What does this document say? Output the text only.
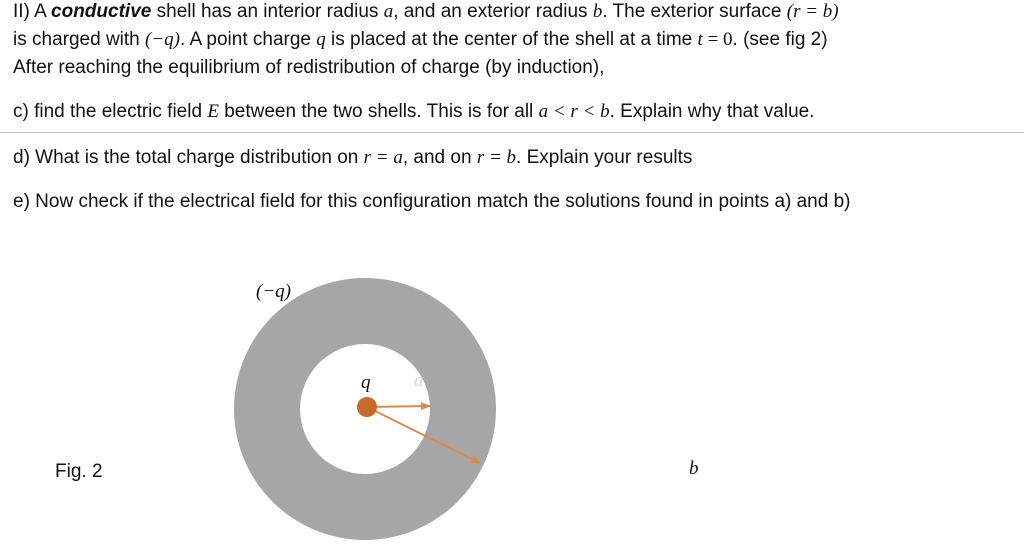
II) A conductive shell has an interior radius a, and an exterior radius b. The exterior surface (r = b)

is charged with (−q). A point charge q is placed at the center of the shell at a time t = 0. (see fig 2)

After reaching the equilibrium of redistribution of charge (by induction),

c) find the electric field E between the two shells. This is for all a < r < b. Explain why that value.

d) What is the total charge distribution on r = a, and on r = b. Explain your results

e) Now check if the electrical field for this configuration match the solutions found in points a) and b)

(−q)
q a
b
Fig. 2
